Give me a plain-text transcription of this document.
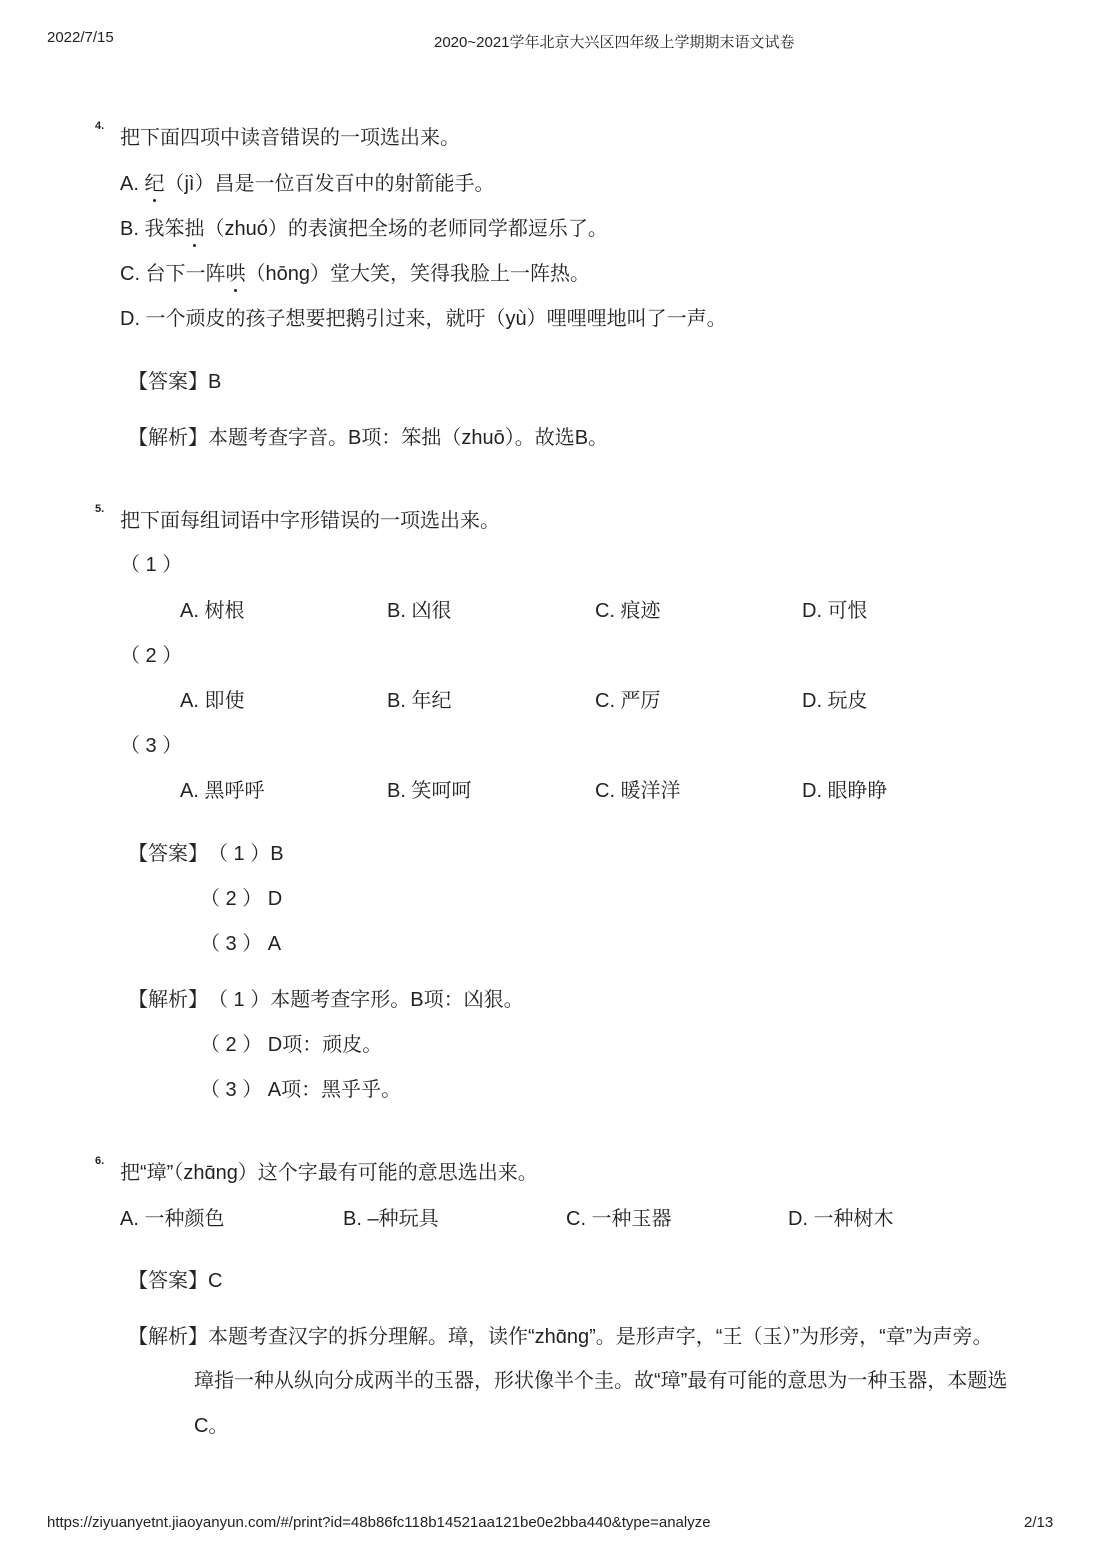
2022/7/15	2020~2021学年北京大兴区四年级上学期期末语文试卷
4.
把下面四项中读音错误的一项选出来。
A. 纪（jì）昌是一位百发百中的射箭能手。
B. 我笨拙（zhuó）的表演把全场的老师同学都逗乐了。
C. 台下一阵哄（hōng）堂大笑，笑得我脸上一阵热。
D. 一个顽皮的孩子想要把鹅引过来，就吁（yù）哩哩哩地叫了一声。
【答案】B
【解析】本题考查字音。B项：笨拙（zhuō）。故选B。
5.
把下面每组词语中字形错误的一项选出来。
（ 1 ）
A. 树根	B. 凶很	C. 痕迹	D. 可恨
（ 2 ）
A. 即使	B. 年纪	C. 严厉	D. 玩皮
（ 3 ）
A. 黑呼呼	B. 笑呵呵	C. 暖洋洋	D. 眼睁睁
【答案】 （ 1 ）B
（ 2 ） D
（ 3 ） A
【解析】 （ 1 ）本题考查字形。B项：凶狠。
（ 2 ） D项：顽皮。
（ 3 ） A项：黑乎乎。
6.
把“璋”（zhɑ̄ng）这个字最有可能的意思选出来。
A. 一种颜色	B. –种玩具	C. 一种玉器	D. 一种树木
【答案】C
【解析】 本题考查汉字的拆分理解。璋，读作“zhɑ̄ng”。是形声字，“王（玉）”为形旁，“章”为声旁。
璋指一种从纵向分成两半的玉器，形状像半个圭。故“璋”最有可能的意思为一种玉器，本题选
C。
https://ziyuanyetnt.jiaoyanyun.com/#/print?id=48b86fc118b14521aa121be0e2bba440&type=analyze	2/13
